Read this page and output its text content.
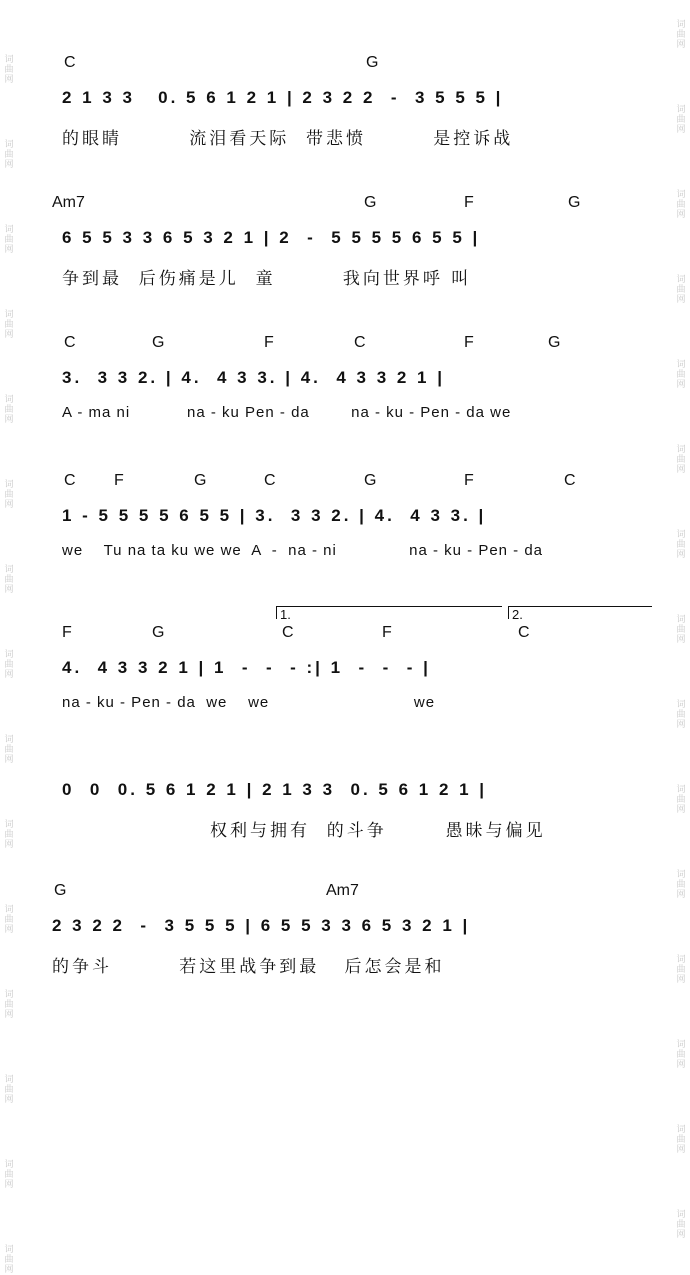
词曲网
词曲网
词曲网
词曲网
词曲网
词曲网
词曲网
词曲网
词曲网
词曲网
词曲网
词曲网
词曲网
词曲网
词曲网
词曲网
词曲网
词曲网
词曲网
词曲网
词曲网
词曲网
词曲网
词曲网
词曲网
词曲网
词曲网
词曲网
词曲网
词曲网
C	G
2 1 3 3   0. 5 6 1 2 1 | 2 3 2 2  -  3 5 5 5 |
的眼睛        流泪看天际  带悲愤        是控诉战
Am7	G	F	G
6 5 5 3 3 6 5 3 2 1 | 2  -  5 5 5 5 6 5 5 |
争到最  后伤痛是儿  童        我向世界呼 叫
C	G	F	C	F	G
3.  3 3 2. | 4.  4 3 3. | 4.  4 3 3 2 1 |
A - ma ni           na - ku Pen - da        na - ku - Pen - da we
C F	G	C	G	F	C
1 - 5 5 5 5 6 5 5 | 3.  3 3 2. | 4.  4 3 3. |
we    Tu na ta ku we we  A  -  na - ni              na - ku - Pen - da
1.	2.
F	G	C	F	C
4.  4 3 3 2 1 | 1  -  -  - :| 1  -  -  - |
na - ku - Pen - da  we    we                            we
0  0  0. 5 6 1 2 1 | 2 1 3 3  0. 5 6 1 2 1 |
权利与拥有  的斗争       愚昧与偏见
G	Am7
2 3 2 2  -  3 5 5 5 | 6 5 5 3 3 6 5 3 2 1 |
的争斗        若这里战争到最   后怎会是和
